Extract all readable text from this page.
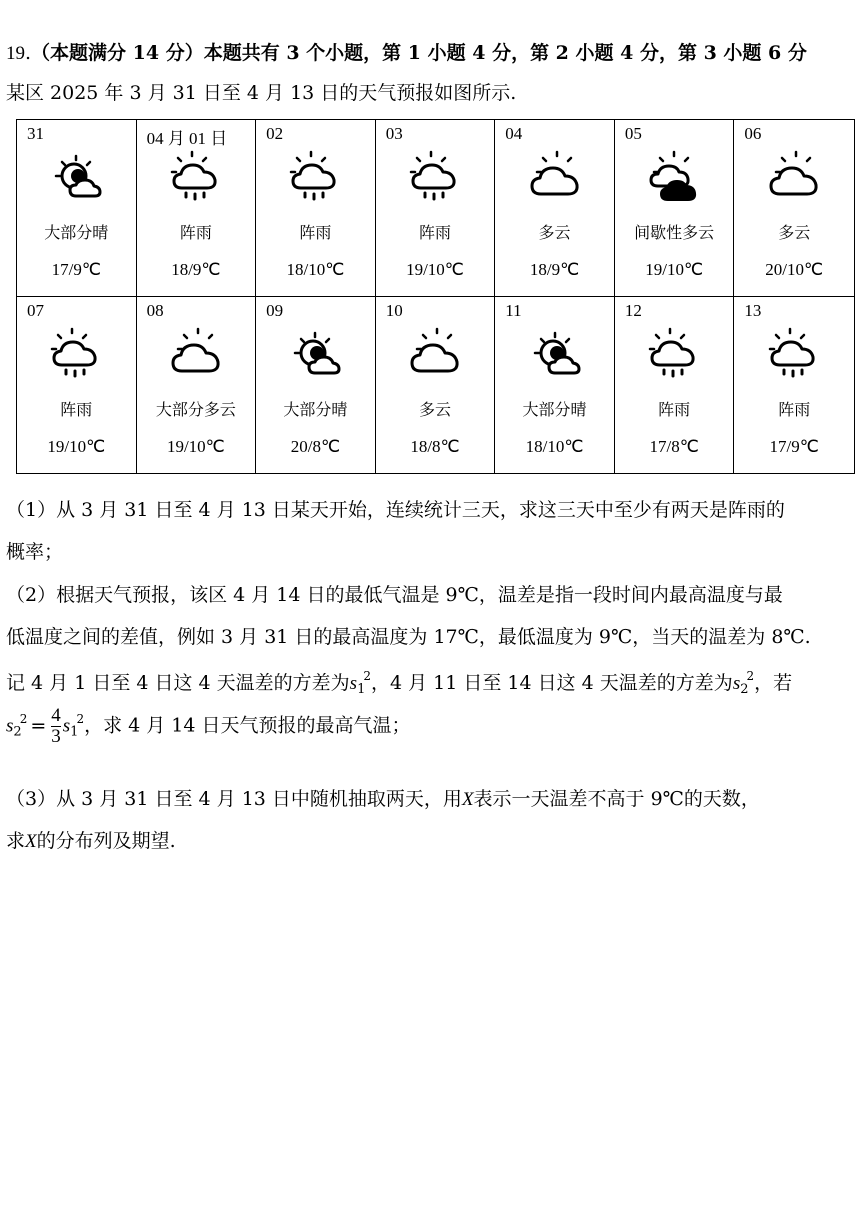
19.（本题满分 14 分）本题共有 3 个小题，第 1 小题 4 分，第 2 小题 4 分，第 3 小题 6 分
某区 2025 年 3 月 31 日至 4 月 13 日的天气预报如图所示.
31
大部分晴
17/9℃
04 月 01 日
阵雨
18/9℃
02
阵雨
18/10℃
03
阵雨
19/10℃
04
多云
18/9℃
05
间歇性多云
19/10℃
06
多云
20/10℃
07
阵雨
19/10℃
08
大部分多云
19/10℃
09
大部分晴
20/8℃
10
多云
18/8℃
11
大部分晴
18/10℃
12
阵雨
17/8℃
13
阵雨
17/9℃
（1）从 3 月 31 日至 4 月 13 日某天开始，连续统计三天，求这三天中至少有两天是阵雨的
概率；
（2）根据天气预报，该区 4 月 14 日的最低气温是 9℃，温差是指一段时间内最高温度与最
低温度之间的差值，例如 3 月 31 日的最高温度为 17℃，最低温度为 9℃，当天的温差为 8℃.
记 4 月 1 日至 4 日这 4 天温差的方差为$s_1^2$，4 月 11 日至 14 日这 4 天温差的方差为$s_2^2$，若
$s_2^2 = \frac{4}{3} s_1^2$，求 4 月 14 日天气预报的最高气温；
（3）从 3 月 31 日至 4 月 13 日中随机抽取两天，用X表示一天温差不高于 9℃的天数，
求X的分布列及期望.
